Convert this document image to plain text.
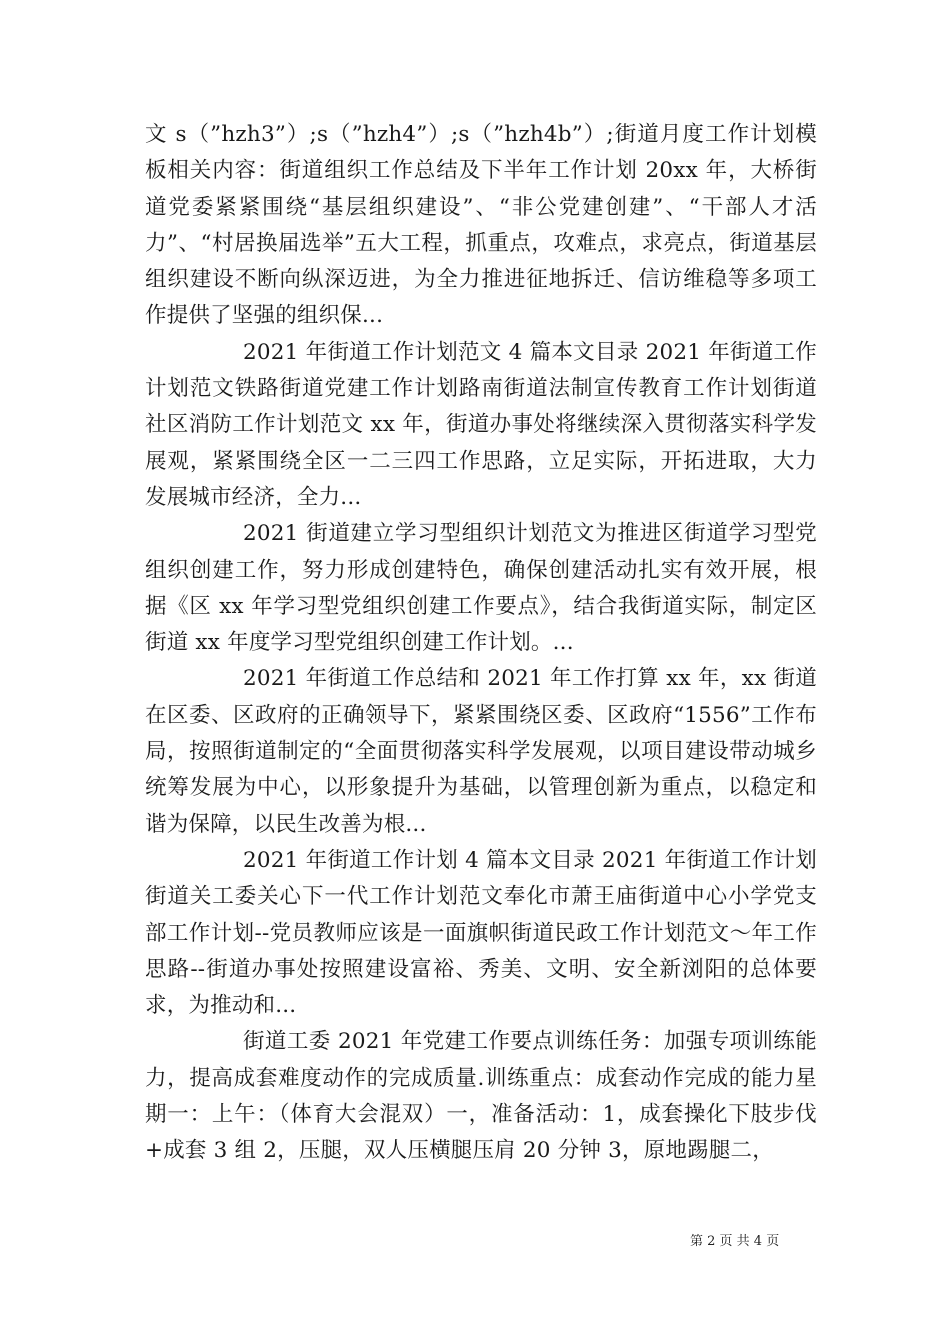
文 s（”hzh3”）;s（”hzh4”）;s（”hzh4b”）;街道月度工作计划模板相关内容：街道组织工作总结及下半年工作计划 20xx 年，大桥街道党委紧紧围绕“基层组织建设”、“非公党建创建”、“干部人才活力”、“村居换届选举”五大工程，抓重点，攻难点，求亮点，街道基层组织建设不断向纵深迈进，为全力推进征地拆迁、信访维稳等多项工作提供了坚强的组织保...

2021 年街道工作计划范文 4 篇本文目录 2021 年街道工作计划范文铁路街道党建工作计划路南街道法制宣传教育工作计划街道社区消防工作计划范文 xx 年，街道办事处将继续深入贯彻落实科学发展观，紧紧围绕全区一二三四工作思路，立足实际，开拓进取，大力发展城市经济，全力...

2021 街道建立学习型组织计划范文为推进区街道学习型党组织创建工作，努力形成创建特色，确保创建活动扎实有效开展，根据《区 xx 年学习型党组织创建工作要点》，结合我街道实际，制定区街道 xx 年度学习型党组织创建工作计划。...

2021 年街道工作总结和 2021 年工作打算 xx 年，xx 街道在区委、区政府的正确领导下，紧紧围绕区委、区政府“1556”工作布局，按照街道制定的“全面贯彻落实科学发展观，以项目建设带动城乡统筹发展为中心，以形象提升为基础，以管理创新为重点，以稳定和谐为保障，以民生改善为根...

2021 年街道工作计划 4 篇本文目录 2021 年街道工作计划街道关工委关心下一代工作计划范文奉化市萧王庙街道中心小学党支部工作计划--党员教师应该是一面旗帜街道民政工作计划范文～年工作思路--街道办事处按照建设富裕、秀美、文明、安全新浏阳的总体要求，为推动和...

街道工委 2021 年党建工作要点训练任务：加强专项训练能力，提高成套难度动作的完成质量.训练重点：成套动作完成的能力星期一：上午：（体育大会混双）一，准备活动：1，成套操化下肢步伐+成套 3 组 2，压腿，双人压横腿压肩 20 分钟 3，原地踢腿二，

第 2 页 共 4 页
